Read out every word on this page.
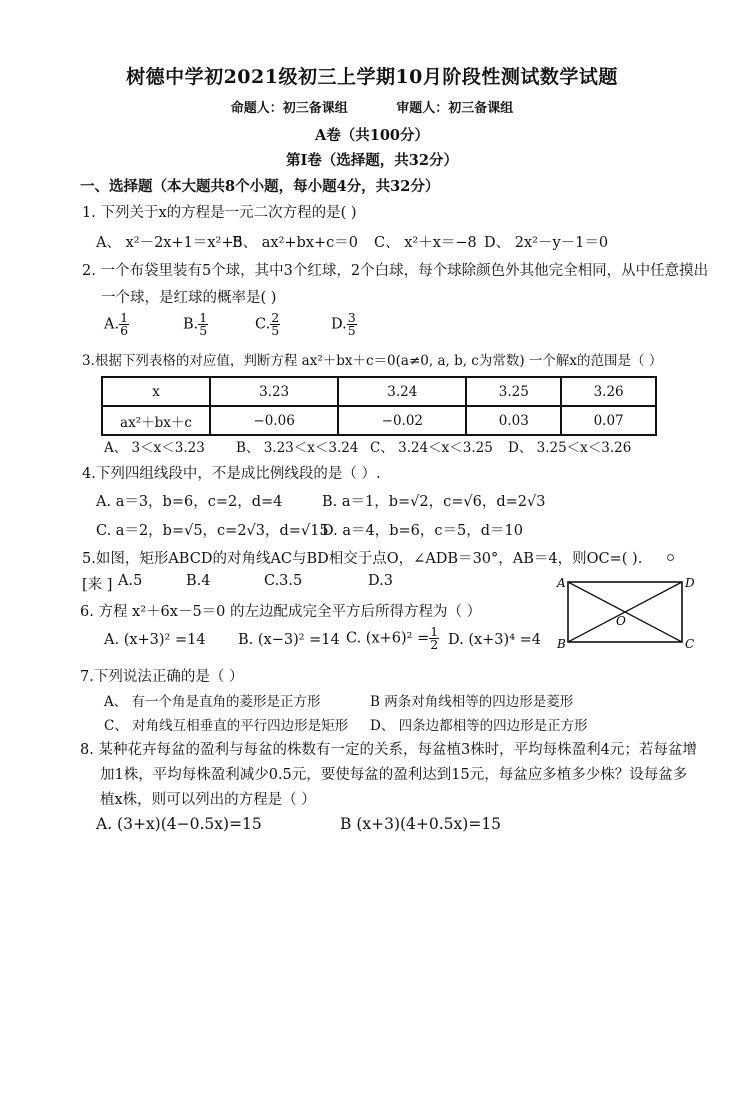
树德中学初2021级初三上学期10月阶段性测试数学试题
命题人：初三备课组	审题人：初三备课组
A卷（共100分）
第Ⅰ卷（选择题，共32分）
一、选择题（本大题共8个小题，每小题4分，共32分）
1. 下列关于x的方程是一元二次方程的是( )
A、 x²－2x+1＝x²+5
B、 ax²+bx+c＝0 C、 x²＋x＝−8 D、 2x²－y－1＝0
2. 一个布袋里装有5个球，其中3个红球，2个白球，每个球除颜色外其他完全相同，从中任意摸出
一个球，是红球的概率是( )
A. $\frac{1}{6}$	B. $\frac{1}{5}$	C. $\frac{2}{5}$	D. $\frac{3}{5}$
3.根据下列表格的对应值，判断方程 ax²＋bx＋c＝0(a≠0, a, b, c为常数) 一个解x的范围是（ ）
x	3.23	3.24	3.25	3.26
ax²＋bx＋c	−0.06	−0.02	0.03	0.07
A、 3＜x＜3.23 B、 3.23＜x＜3.24 C、 3.24＜x＜3.25 D、 3.25＜x＜3.26
4.下列四组线段中，不是成比例线段的是（ ）.
A. a＝3，b=6，c=2，d=4	B. a＝1，b=√2，c=√6，d=2√3
C. a＝2，b=√5，c=2√3，d=√15
D. a＝4，b=6，c＝5，d＝10
5.如图，矩形ABCD的对角线AC与BD相交于点O，∠ADB＝30°，AB＝4，则OC=( ).
[来 ] A.5	B.4	C.3.5	D.3	A	D
B	C
O
6. 方程 x²＋6x－5＝0 的左边配成完全平方后所得方程为（ ）
A. (x+3)² =14 B. (x−3)² =14 C. $(x+6)^2 = \frac{1}{2} D$. (x+3)⁴ =4
7.下列说法正确的是（ ）
A、 有一个角是直角的菱形是正方形	B 两条对角线相等的四边形是菱形
C、 对角线互相垂直的平行四边形是矩形 D、 四条边都相等的四边形是正方形
8. 某种花卉每盆的盈利与每盆的株数有一定的关系，每盆植3株时，平均每株盈利4元；若每盆增
加1株，平均每株盈利减少0.5元，要使每盆的盈利达到15元，每盆应多植多少株？设每盆多
植x株，则可以列出的方程是（ ）
A. (3+x)(4−0.5x)=15	B (x+3)(4+0.5x)=15
